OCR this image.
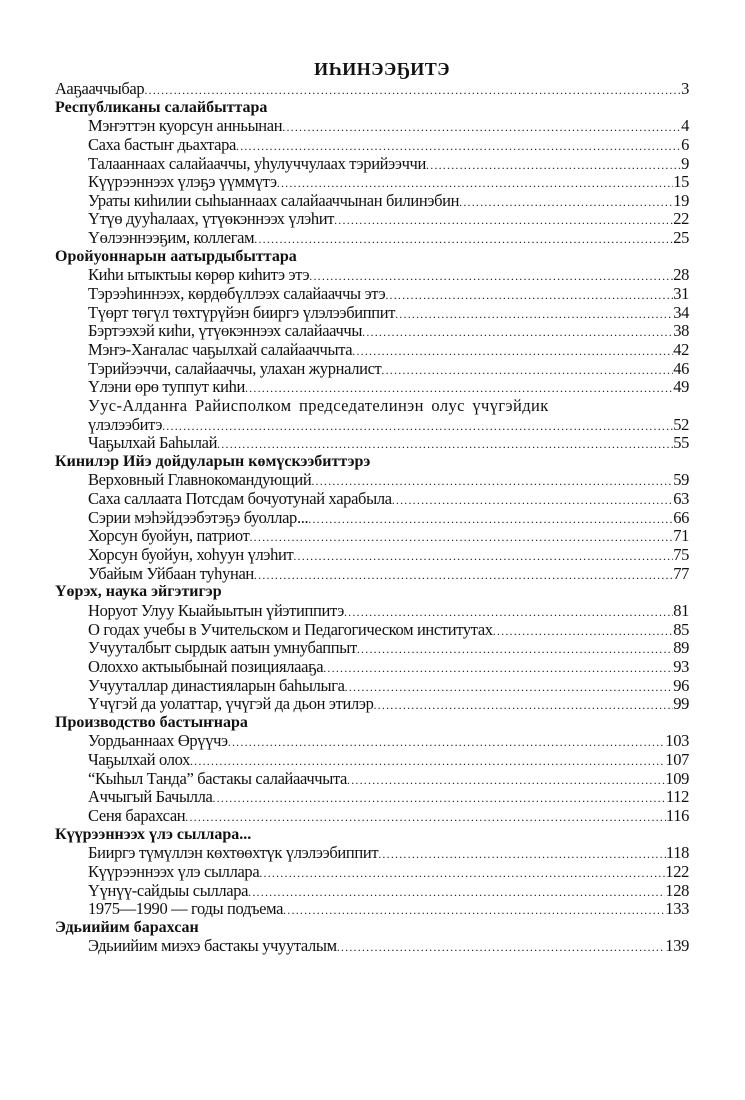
ИҺИНЭЭҔИТЭ
Ааҕааччыбар .....	3
Республиканы салайбыттара
Мэҥэттэн куорсун анньынан .....	4
Саха бастыҥ дьахтара .....	6
Талааннаах салайааччы, уһулуччулаах тэрийээччи .....	9
Күүрээннээх үлэҕэ үүммүтэ .....	15
Ураты киһилии сыһыаннаах салайааччынан билинэбин .....	19
Үтүө дууһалаах, үтүөкэннээх үлэһит .....	22
Үөлээннээҕим, коллегам .....	25
Оройуоннарын аатырдыбыттара
Киһи ытыктыы көрөр киһитэ этэ .....	28
Тэрээһиннээх, көрдөбүллээх салайааччы этэ .....	31
Түөрт төгүл төхтүрүйэн бииргэ үлэлээбиппит .....	34
Бэртээхэй киһи, үтүөкэннээх салайааччы .....	38
Мэҥэ-Хаҥалас чаҕылхай салайааччыта .....	42
Тэрийээччи, салайааччы, улахан журналист .....	46
Үлэни өрө туппут киһи .....	49
Уус-Алданҥа Райисполком председателинэн олус үчүгэйдик
үлэлээбитэ .....	52
Чаҕылхай Баһылай .....	55
Кинилэр Ийэ дойдуларын көмүскээбиттэрэ
Верховный Главнокомандующий .....	59
Саха саллаата Потсдам бочуотунай харабыла .....	63
Сэрии мэһэйдээбэтэҕэ буоллар... .....	66
Хорсун буойун, патриот .....	71
Хорсун буойун, хоһуун үлэһит .....	75
Убайым Уйбаан туһунан .....	77
Үөрэх, наука эйгэтигэр
Норуот Улуу Кыайыытын үйэтиппитэ .....	81
О годах учебы в Учительском и Педагогическом институтах .....	85
Учууталбыт сырдык аатын умнубаппыт .....	89
Олоххо актыыбынай позициялааҕа .....	93
Учууталлар династияларын баһылыга .....	96
Үчүгэй да уолаттар, үчүгэй да дьон этилэр .....	99
Производство бастыҥнара
Уордьаннаах Өрүүчэ .....	103
Чаҕылхай олох .....	107
“Кыһыл Танда” бастакы салайааччыта .....	109
Аччыгый Бачылла .....	112
Сеня барахсан .....	116
Күүрээннээх үлэ сыллара...
Бииргэ түмүллэн көхтөөхтүк үлэлээбиппит .....	118
Күүрээннээх үлэ сыллара .....	122
Үүнүү-сайдыы сыллара .....	128
1975—1990 — годы подъема .....	133
Эдьиийим барахсан
Эдьиийим миэхэ бастакы учууталым .....	139
